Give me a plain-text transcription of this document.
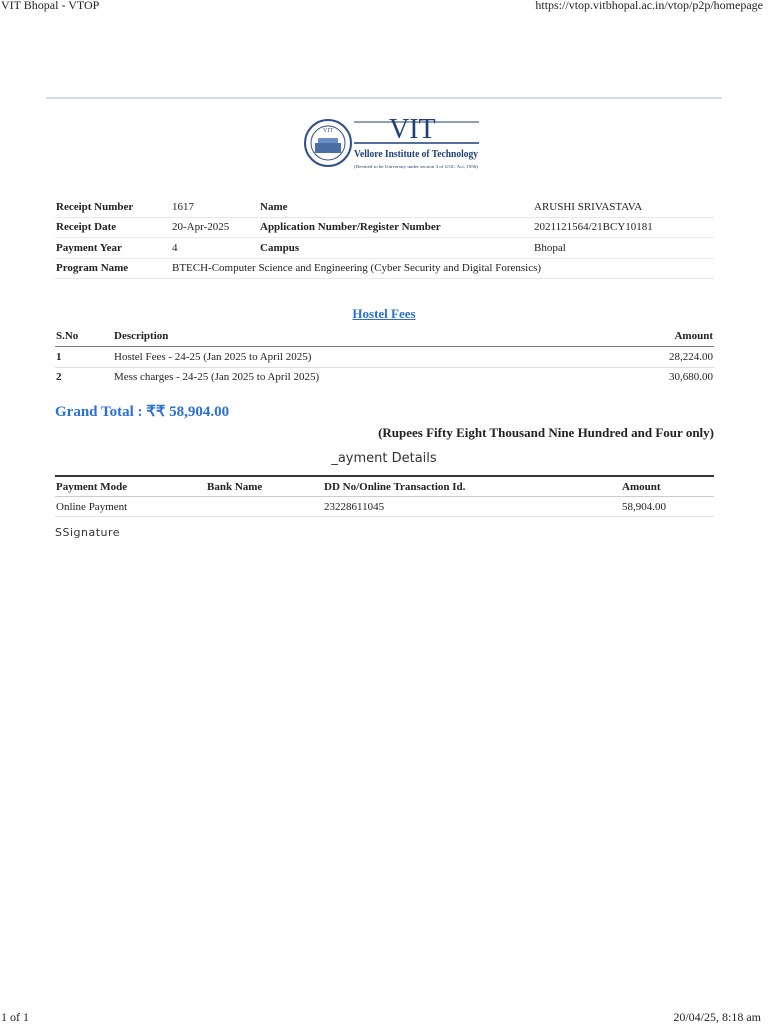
VIT Bhopal - VTOP	https://vtop.vitbhopal.ac.in/vtop/p2p/homepage
VIT VIT
Vellore Institute of Technology
(Deemed to be University under section 3 of UGC Act, 1956)
Receipt Number	1617	Name	ARUSHI SRIVASTAVA
Receipt Date	20-Apr-2025	Application Number/Register Number	2021121564/21BCY10181
Payment Year	4	Campus	Bhopal
Program Name	BTECH-Computer Science and Engineering (Cyber Security and Digital Forensics)		
Hostel Fees
S.No	Description	Amount
1	Hostel Fees - 24-25 (Jan 2025 to April 2025)	28,224.00
2	Mess charges - 24-25 (Jan 2025 to April 2025)	30,680.00
Grand Total : ₹₹ 58,904.00
(Rupees Fifty Eight Thousand Nine Hundred and Four only)
_ayment Details
Payment Mode	Bank Name	DD No/Online Transaction Id.	Amount
Online Payment		23228611045	58,904.00
SSignature
1 of 1	20/04/25, 8:18 am
